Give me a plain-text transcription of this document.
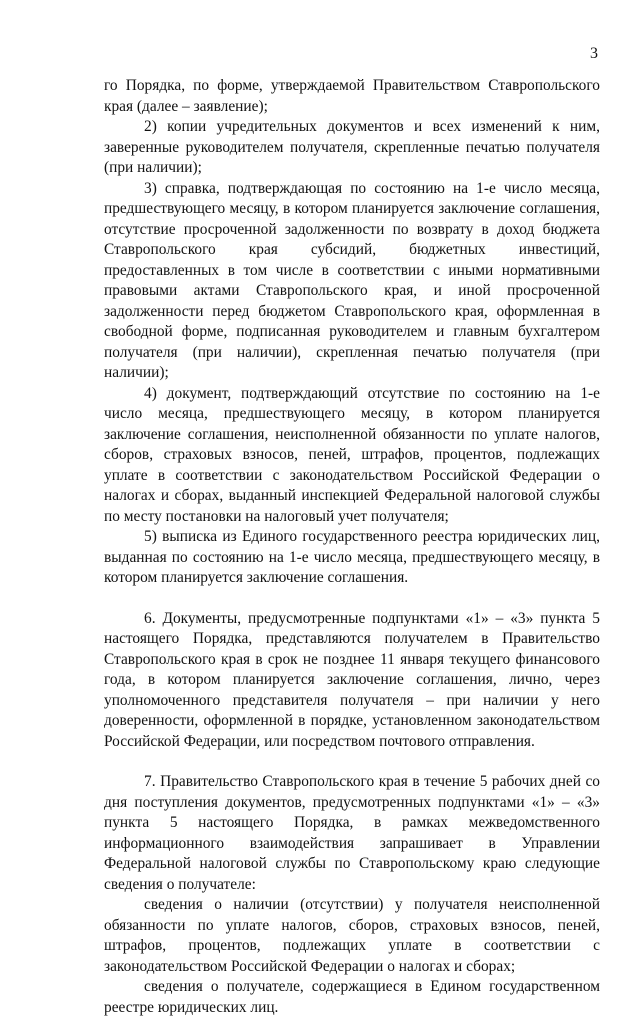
3

го Порядка, по форме, утверждаемой Правительством Ставропольского края (далее – заявление);

2) копии учредительных документов и всех изменений к ним, заверенные руководителем получателя, скрепленные печатью получателя (при наличии);

3) справка, подтверждающая по состоянию на 1-е число месяца, предшествующего месяцу, в котором планируется заключение соглашения, отсутствие просроченной задолженности по возврату в доход бюджета Ставропольского края субсидий, бюджетных инвестиций, предоставленных в том числе в соответствии с иными нормативными правовыми актами Ставропольского края, и иной просроченной задолженности перед бюджетом Ставропольского края, оформленная в свободной форме, подписанная руководителем и главным бухгалтером получателя (при наличии), скрепленная печатью получателя (при наличии);

4) документ, подтверждающий отсутствие по состоянию на 1-е число месяца, предшествующего месяцу, в котором планируется заключение соглашения, неисполненной обязанности по уплате налогов, сборов, страховых взносов, пеней, штрафов, процентов, подлежащих уплате в соответствии с законодательством Российской Федерации о налогах и сборах, выданный инспекцией Федеральной налоговой службы по месту постановки на налоговый учет получателя;

5) выписка из Единого государственного реестра юридических лиц, выданная по состоянию на 1-е число месяца, предшествующего месяцу, в котором планируется заключение соглашения.

6. Документы, предусмотренные подпунктами «1» – «3» пункта 5 настоящего Порядка, представляются получателем в Правительство Ставропольского края в срок не позднее 11 января текущего финансового года, в котором планируется заключение соглашения, лично, через уполномоченного представителя получателя – при наличии у него доверенности, оформленной в порядке, установленном законодательством Российской Федерации, или посредством почтового отправления.

7. Правительство Ставропольского края в течение 5 рабочих дней со дня поступления документов, предусмотренных подпунктами «1» – «3» пункта 5 настоящего Порядка, в рамках межведомственного информационного взаимодействия запрашивает в Управлении Федеральной налоговой службы по Ставропольскому краю следующие сведения о получателе:

сведения о наличии (отсутствии) у получателя неисполненной обязанности по уплате налогов, сборов, страховых взносов, пеней, штрафов, процентов, подлежащих уплате в соответствии с законодательством Российской Федерации о налогах и сборах;

сведения о получателе, содержащиеся в Едином государственном реестре юридических лиц.
